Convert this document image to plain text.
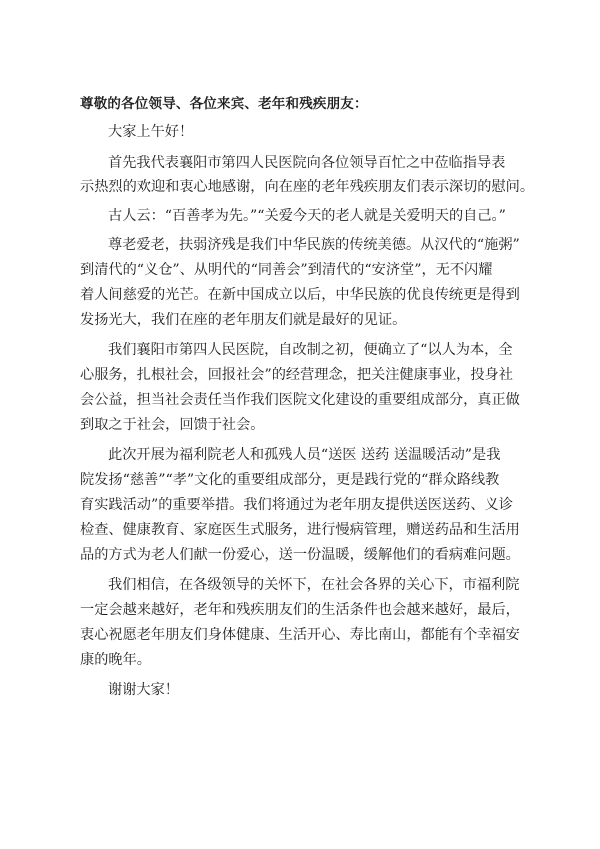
尊敬的各位领导、各位来宾、老年和残疾朋友：

大家上午好！

首先我代表襄阳市第四人民医院向各位领导百忙之中莅临指导表

示热烈的欢迎和衷心地感谢，向在座的老年残疾朋友们表示深切的慰问。

古人云：“百善孝为先。”“关爱今天的老人就是关爱明天的自己。”

尊老爱老，扶弱济残是我们中华民族的传统美德。从汉代的“施粥”

到清代的“义仓”、从明代的“同善会”到清代的“安济堂”，无不闪耀

着人间慈爱的光芒。在新中国成立以后，中华民族的优良传统更是得到

发扬光大，我们在座的老年朋友们就是最好的见证。

我们襄阳市第四人民医院，自改制之初，便确立了“以人为本，全

心服务，扎根社会，回报社会”的经营理念，把关注健康事业，投身社

会公益，担当社会责任当作我们医院文化建设的重要组成部分，真正做

到取之于社会，回馈于社会。

此次开展为福利院老人和孤残人员“送医 送药 送温暖活动”是我

院发扬“慈善”“孝”文化的重要组成部分，更是践行党的“群众路线教

育实践活动”的重要举措。我们将通过为老年朋友提供送医送药、义诊

检查、健康教育、家庭医生式服务，进行慢病管理，赠送药品和生活用

品的方式为老人们献一份爱心，送一份温暖，缓解他们的看病难问题。

我们相信，在各级领导的关怀下，在社会各界的关心下，市福利院

一定会越来越好，老年和残疾朋友们的生活条件也会越来越好，最后，

衷心祝愿老年朋友们身体健康、生活开心、寿比南山，都能有个幸福安

康的晚年。

谢谢大家！
